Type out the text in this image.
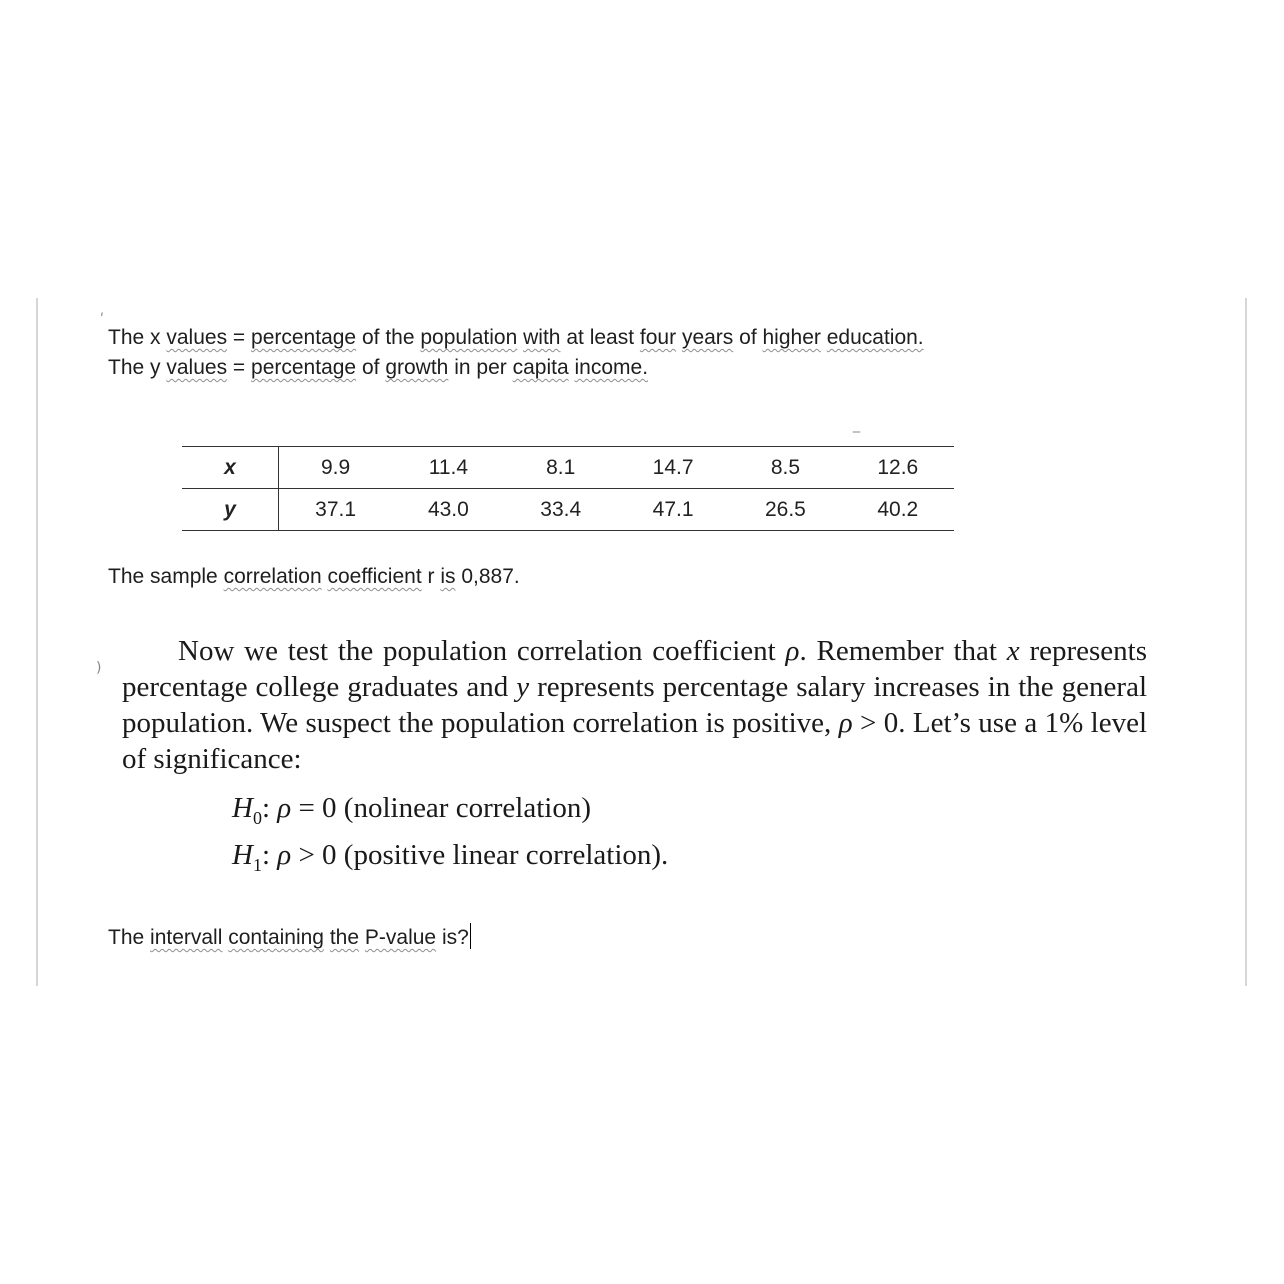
ʹ
)
‒
The x values = percentage of the population with at least four years of higher education.
The y values = percentage of growth in per capita income.
x	9.9	11.4	8.1	14.7	8.5	12.6
y	37.1	43.0	33.4	47.1	26.5	40.2
The sample correlation coefficient r is 0,887.
Now we test the population correlation coefficient ρ. Remember that x represents percentage college graduates and y represents percentage salary increases in the general population. We suspect the population correlation is positive, ρ > 0. Let’s use a 1% level of significance:
$H_0$: ρ = 0 (nolinear correlation)
$H_1$: ρ > 0 (positive linear correlation).
The intervall containing the P-value is?
